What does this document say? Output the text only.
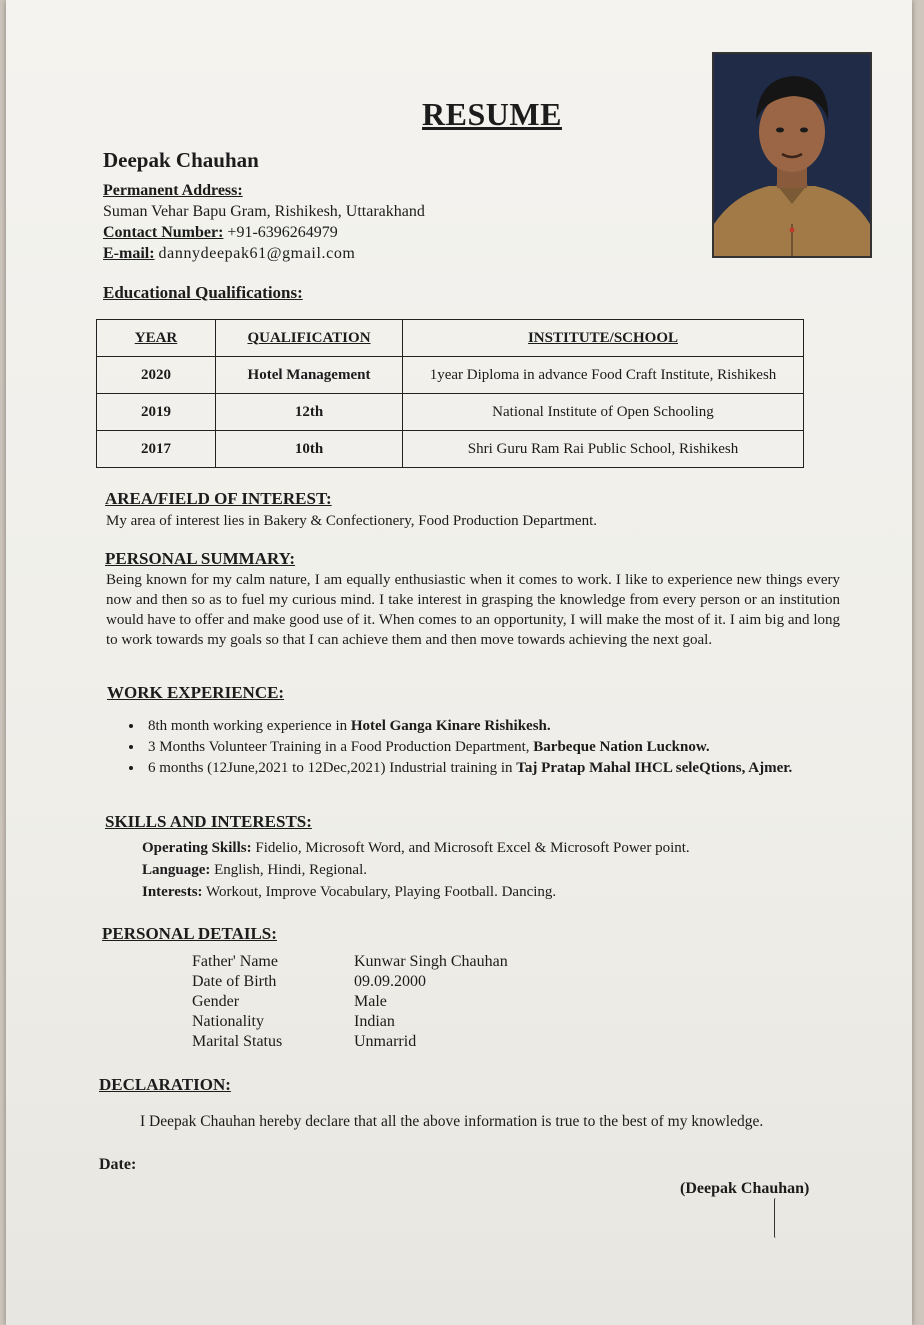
RESUME
Deepak Chauhan
Permanent Address:
Suman Vehar Bapu Gram, Rishikesh, Uttarakhand
Contact Number: +91-6396264979
E-mail: dannydeepak61@gmail.com
Educational Qualifications:
YEAR	QUALIFICATION	INSTITUTE/SCHOOL
2020	Hotel Management	1year Diploma in advance Food Craft Institute, Rishikesh
2019	12th	National Institute of Open Schooling
2017	10th	Shri Guru Ram Rai Public School, Rishikesh
AREA/FIELD OF INTEREST:
My area of interest lies in Bakery & Confectionery, Food Production Department.
PERSONAL SUMMARY:
Being known for my calm nature, I am equally enthusiastic when it comes to work. I like to experience new things every now and then so as to fuel my curious mind. I take interest in grasping the knowledge from every person or an institution would have to offer and make good use of it. When comes to an opportunity, I will make the most of it. I aim big and long to work towards my goals so that I can achieve them and then move towards achieving the next goal.
WORK EXPERIENCE:
• 8th month working experience in Hotel Ganga Kinare Rishikesh.
• 3 Months Volunteer Training in a Food Production Department, Barbeque Nation Lucknow.
• 6 months (12June,2021 to 12Dec,2021) Industrial training in Taj Pratap Mahal IHCL seleQtions, Ajmer.
SKILLS AND INTERESTS:
Operating Skills: Fidelio, Microsoft Word, and Microsoft Excel & Microsoft Power point.
Language: English, Hindi, Regional.
Interests: Workout, Improve Vocabulary, Playing Football. Dancing.
PERSONAL DETAILS:
Father' Name	Kunwar Singh Chauhan
Date of Birth	09.09.2000
Gender	Male
Nationality	Indian
Marital Status	Unmarrid
DECLARATION:
I Deepak Chauhan hereby declare that all the above information is true to the best of my knowledge.
Date:
(Deepak Chauhan)
